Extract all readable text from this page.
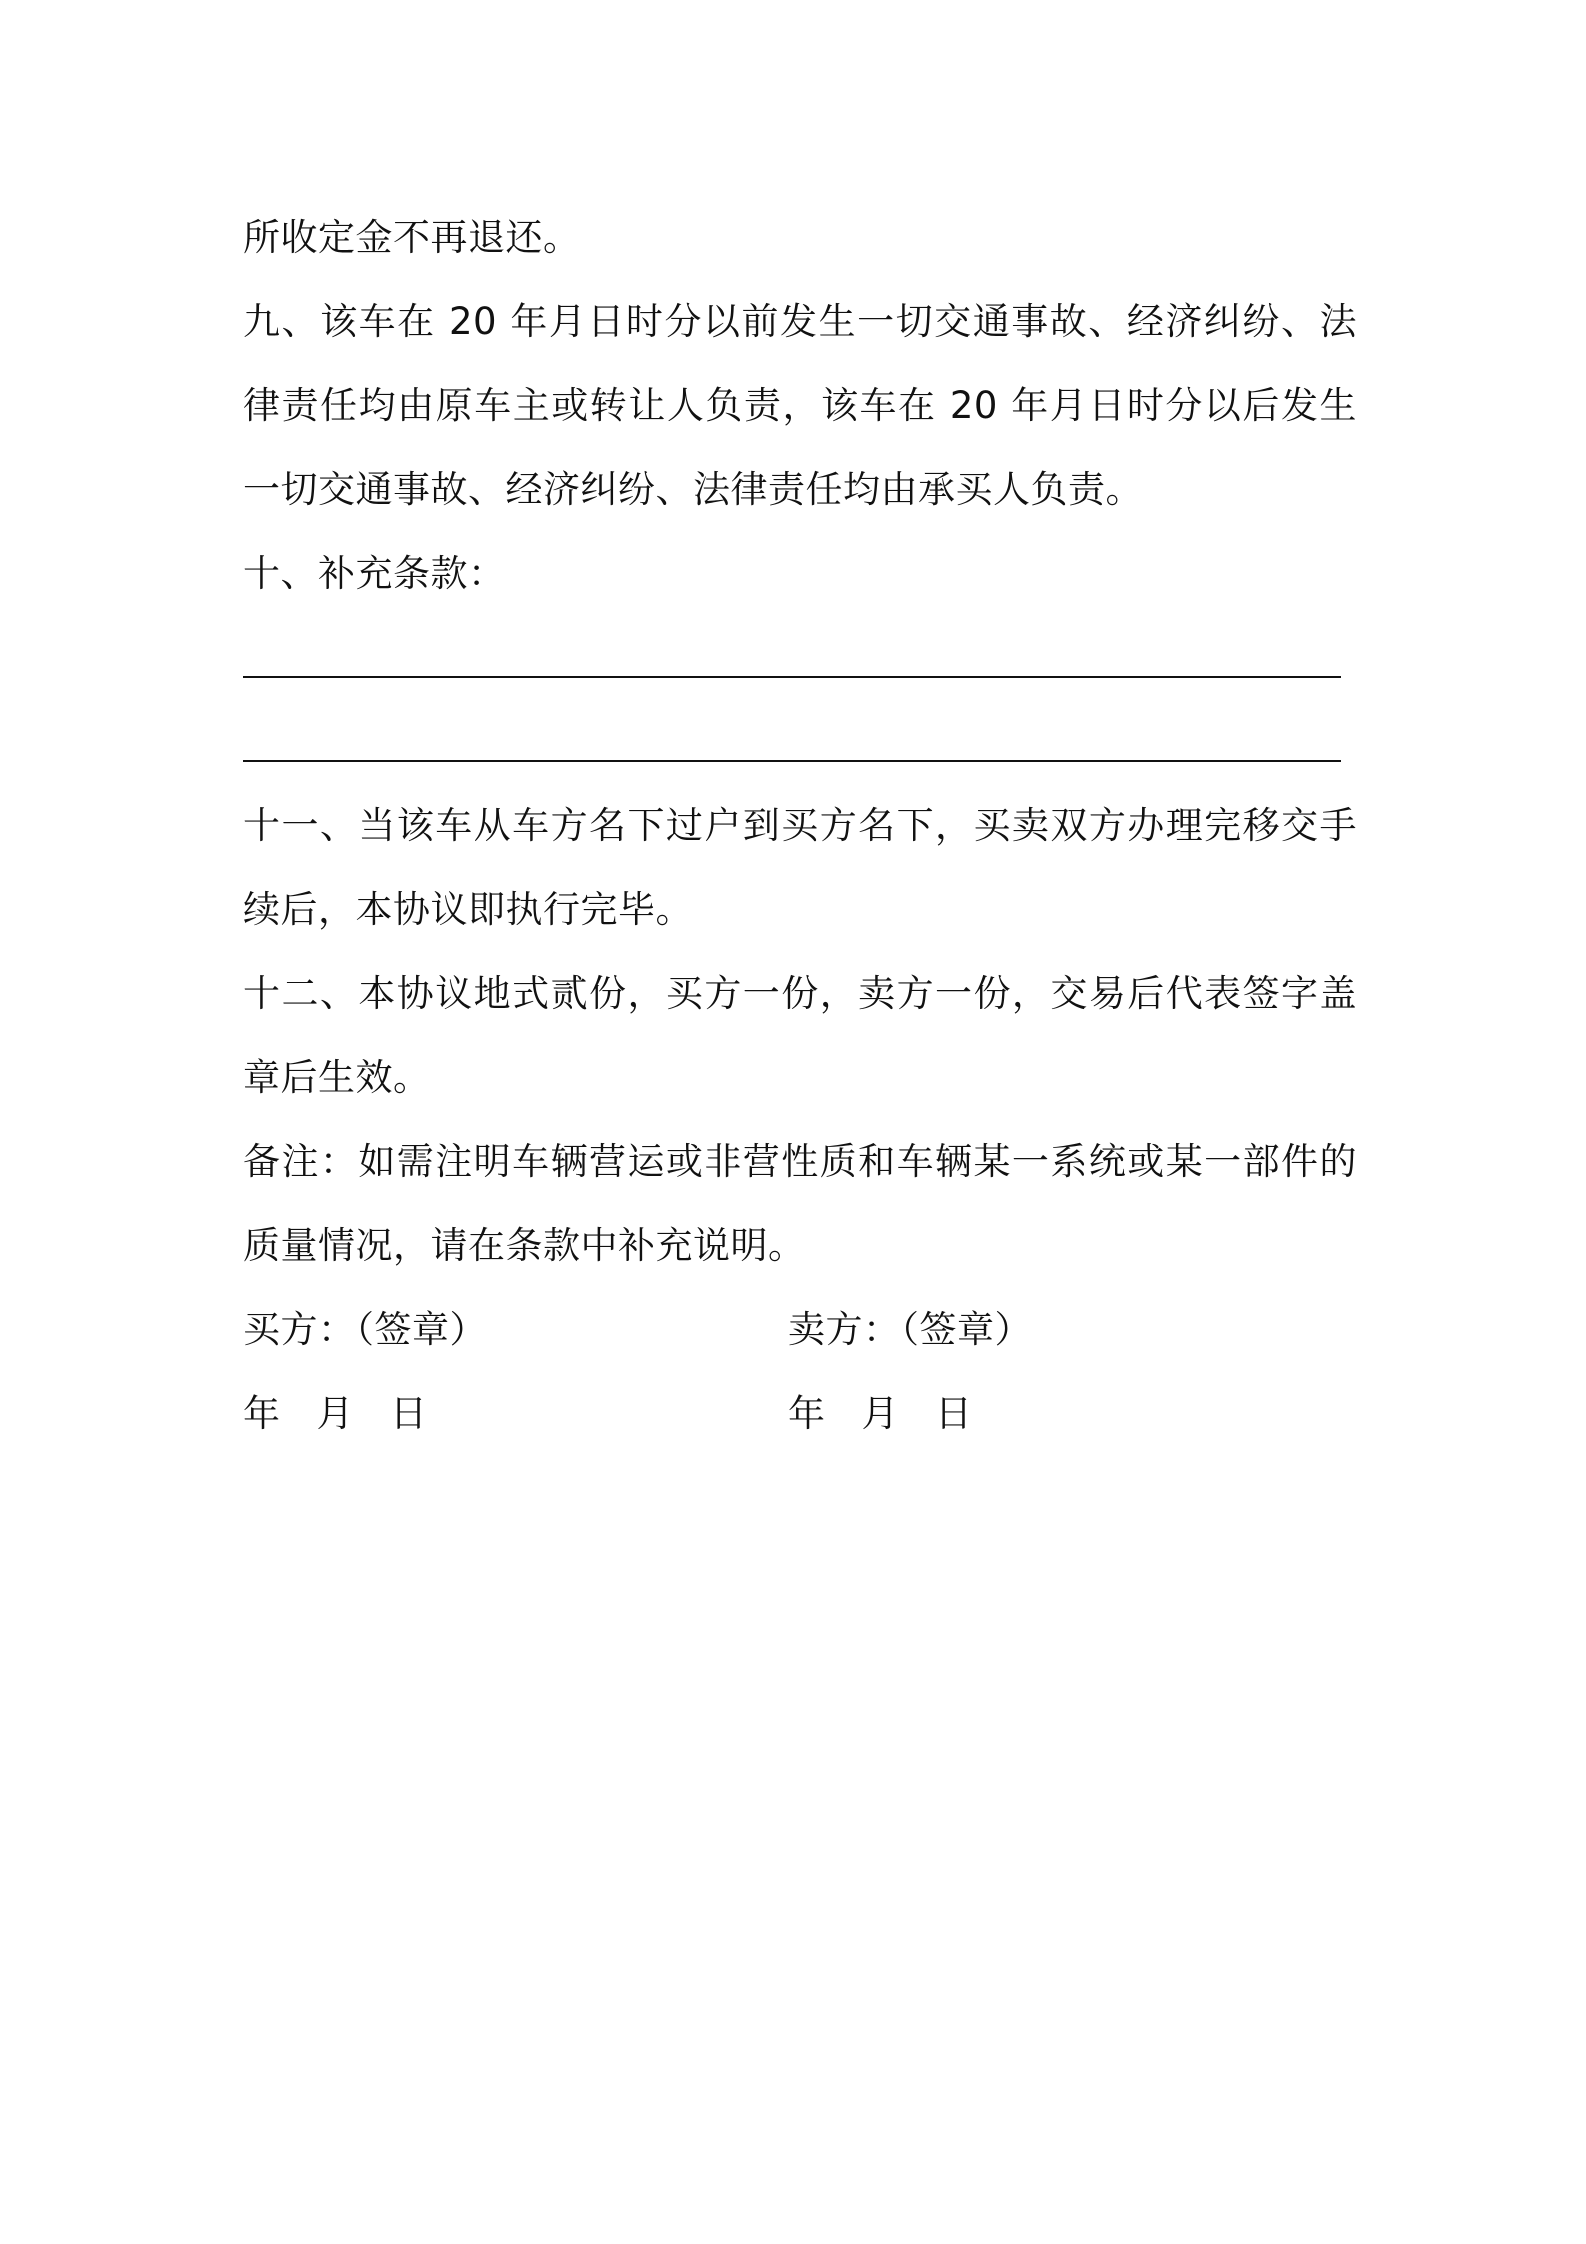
所收定金不再退还。

九、该车在 20 年月日时分以前发生一切交通事故、经济纠纷、法律责任均由原车主或转让人负责，该车在 20 年月日时分以后发生一切交通事故、经济纠纷、法律责任均由承买人负责。

十、补充条款：

十一、当该车从车方名下过户到买方名下，买卖双方办理完移交手续后，本协议即执行完毕。

十二、本协议地式贰份，买方一份，卖方一份，交易后代表签字盖章后生效。

备注：如需注明车辆营运或非营性质和车辆某一系统或某一部件的质量情况，请在条款中补充说明。

买方：（签章）	卖方：（签章）
年 月 日	年 月 日
